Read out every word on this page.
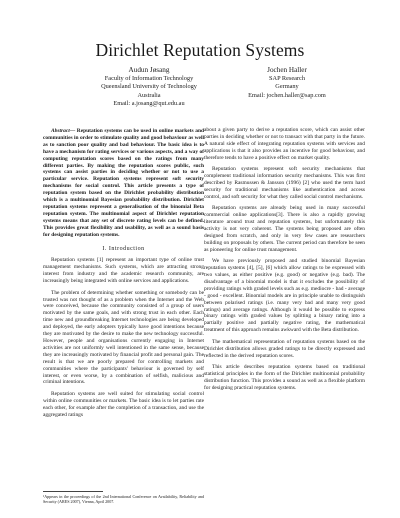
Dirichlet Reputation Systems
Audun Jøsang
Faculty of Information Technology
Queensland University of Technology
Australia
Email: a.josang@qut.edu.au
Jochen Haller
SAP Research
Germany
Email: jochen.haller@sap.com

Abstract— Reputation systems can be used in online markets and communities in order to stimulate quality and good behaviour as well as to sanction poor quality and bad behaviour. The basic idea is to have a mechanism for rating services or various aspects, and a way of computing reputation scores based on the ratings from many different parties. By making the reputation scores public, such systems can assist parties in deciding whether or not to use a particular service. Reputation systems represent soft security mechanisms for social control. This article presents a type of reputation system based on the Dirichlet probability distribution which is a multinomial Bayesian probability distribution. Dirichlet reputation systems represent a generalisation of the binomial Beta reputation system. The multinomial aspect of Dirichlet reputation systems means that any set of discrete rating levels can be defined. This provides great flexibility and usability, as well as a sound basis for designing reputation systems.

I. Introduction

Reputation systems [1] represent an important type of online trust management mechanisms. Such systems, which are attracting strong interest from industry and the academic research community, are increasingly being integrated with online services and applications.

The problem of determining whether something or somebody can be trusted was not thought of as a problem when the Internet and the Web were conceived, because the community consisted of a group of users motivated by the same goals, and with strong trust in each other. Each time new and groundbreaking Internet technologies are being developed and deployed, the early adopters typically have good intentions because they are motivated by the desire to make the new technology successful. However, people and organisations currently engaging in Internet activities are not uniformly well intentioned in the same sense, because they are increasingly motivated by financial profit and personal gain. The result is that we are poorly prepared for controlling markets and communities where the participants' behaviour is governed by self interest, or even worse, by a combination of selfish, malicious and criminal intentions.

Reputation systems are well suited for stimulating social control within online communities or markets. The basic idea is to let parties rate each other, for example after the completion of a transaction, and use the aggregated ratings

¹Appears in the proceedings of the 2nd International Conference on Availability, Reliability and Security (ARES 2007), Vienna, April 2007.

about a given party to derive a reputation score, which can assist other parties in deciding whether or not to transact with that party in the future. A natural side effect of integrating reputation systems with services and applications is that it also provides an incentive for good behaviour, and therefore tends to have a positive effect on market quality.

Reputation systems represent soft security mechanisms that complement traditional information security mechanisms. This was first described by Rasmussen & Jansson (1996) [2] who used the term hard security for traditional mechanisms like authentication and access control, and soft security for what they called social control mechanisms.

Reputation systems are already being used in many successful commercial online applications[3]. There is also a rapidly growing literature around trust and reputation systems, but unfortunately this activity is not very coherent. The systems being proposed are often designed from scratch, and only in very few cases are researchers building on proposals by others. The current period can therefore be seen as pioneering for online trust management.

We have previously proposed and studied binomial Bayesian reputation systems [4], [5], [6] which allow ratings to be expressed with two values, as either positive (e.g. good) or negative (e.g. bad). The disadvantage of a binomial model is that it excludes the possibility of providing ratings with graded levels such as e.g. mediocre - bad - average - good - excellent. Binomial models are in principle unable to distinguish between polarised ratings (i.e. many very bad and many very good ratings) and average ratings. Although it would be possible to express binary ratings with graded values by splitting a binary rating into a partially positive and partially negative rating, the mathematical treatment of this approach remains awkward with the Beta distribution.

The mathematical representation of reputation systems based on the Dirichlet distribution allows graded ratings to be directly expressed and reflected in the derived reputation scores.

This article describes reputation systems based on traditional statistical principles in the form of the Dirichlet multinomial probability distribution function. This provides a sound as well as a flexible platform for designing practical reputation systems.
